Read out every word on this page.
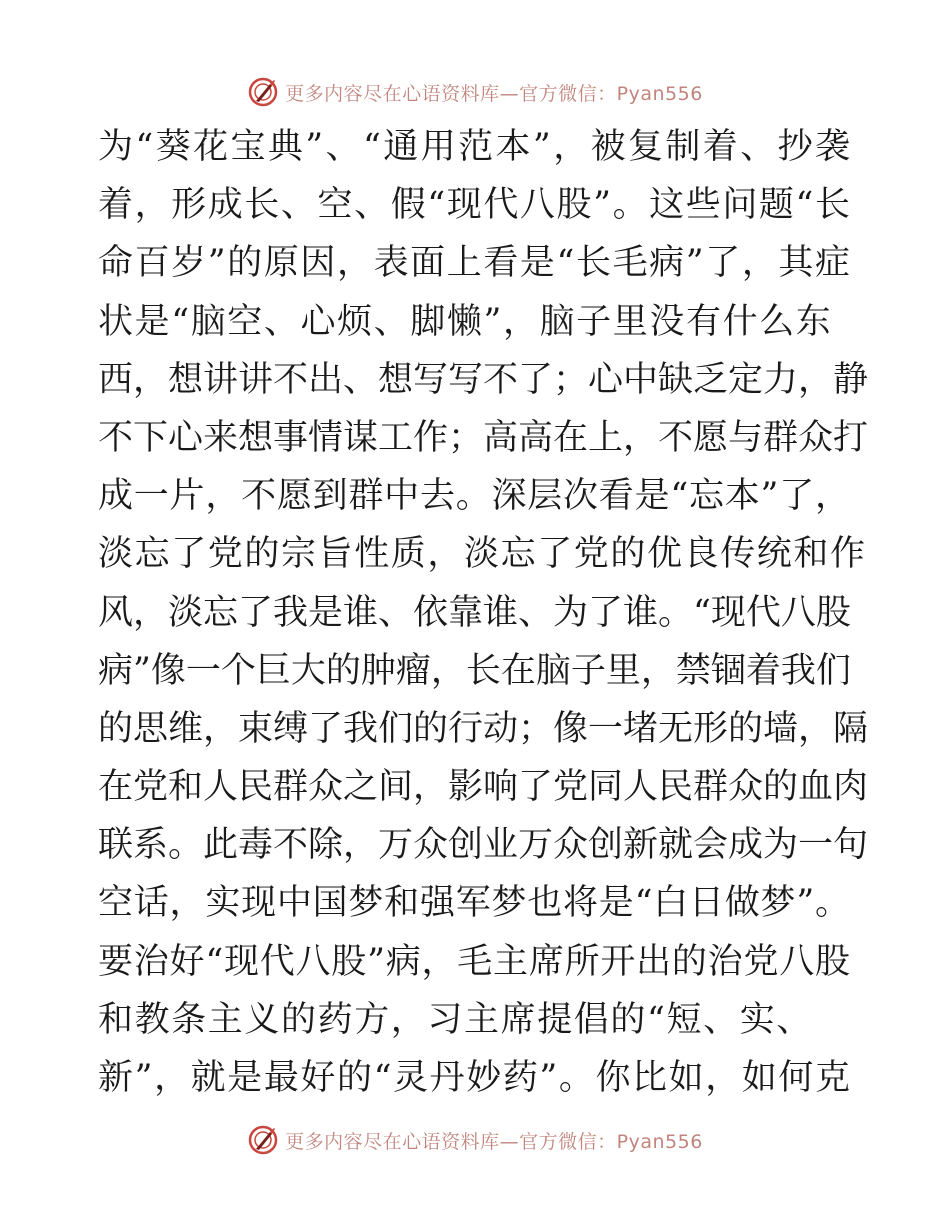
更多内容尽在心语资料库—官方微信：Pyan556
为“葵花宝典”、“通用范本”，被复制着、抄袭
着，形成长、空、假“现代八股”。这些问题“长
命百岁”的原因，表面上看是“长毛病”了，其症
状是“脑空、心烦、脚懒”，脑子里没有什么东
西，想讲讲不出、想写写不了；心中缺乏定力，静
不下心来想事情谋工作；高高在上，不愿与群众打
成一片，不愿到群中去。深层次看是“忘本”了，
淡忘了党的宗旨性质，淡忘了党的优良传统和作
风，淡忘了我是谁、依靠谁、为了谁。“现代八股
病”像一个巨大的肿瘤，长在脑子里，禁锢着我们
的思维，束缚了我们的行动；像一堵无形的墙，隔
在党和人民群众之间，影响了党同人民群众的血肉
联系。此毒不除，万众创业万众创新就会成为一句
空话，实现中国梦和强军梦也将是“白日做梦”。
要治好“现代八股”病，毛主席所开出的治党八股
和教条主义的药方，习主席提倡的“短、实、
新”，就是最好的“灵丹妙药”。你比如，如何克
更多内容尽在心语资料库—官方微信：Pyan556
